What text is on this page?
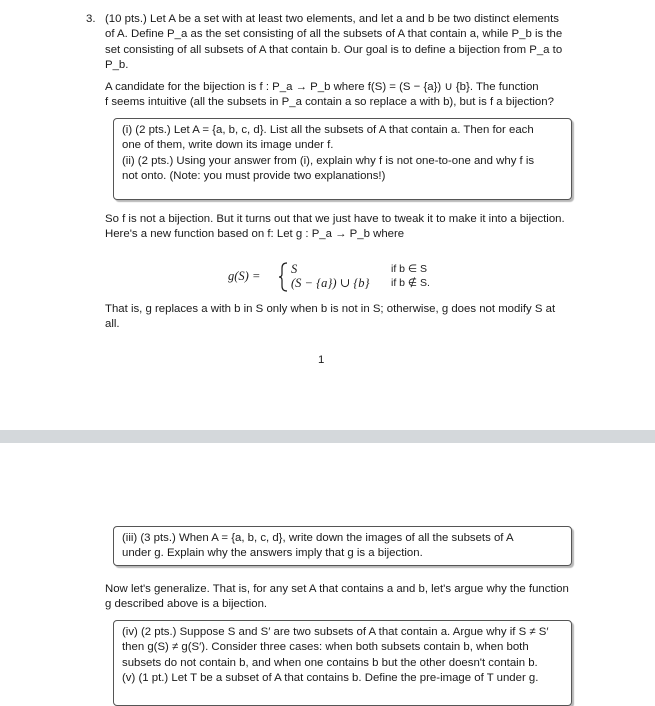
3. (10 pts.) Let A be a set with at least two elements, and let a and b be two distinct elements
of A. Define P_a as the set consisting of all the subsets of A that contain a, while P_b is the
set consisting of all subsets of A that contain b. Our goal is to define a bijection from P_a to
P_b.
A candidate for the bijection is f : P_a → P_b where f(S) = (S − {a}) ∪ {b}. The function
f seems intuitive (all the subsets in P_a contain a so replace a with b), but is f a bijection?

(i) (2 pts.) Let A = {a, b, c, d}. List all the subsets of A that contain a. Then for each

one of them, write down its image under f.

(ii) (2 pts.) Using your answer from (i), explain why f is not one-to-one and why f is

not onto. (Note: you must provide two explanations!)

So f is not a bijection. But it turns out that we just have to tweak it to make it into a bijection.
Here's a new function based on f: Let g : P_a → P_b where
g(S) = S	if b ∈ S
(S − {a}) ∪ {b} if b ∉ S.
That is, g replaces a with b in S only when b is not in S; otherwise, g does not modify S at
all.
1

(iii) (3 pts.) When A = {a, b, c, d}, write down the images of all the subsets of A

under g. Explain why the answers imply that g is a bijection.

Now let's generalize. That is, for any set A that contains a and b, let's argue why the function
g described above is a bijection.

(iv) (2 pts.) Suppose S and S′ are two subsets of A that contain a. Argue why if S ≠ S′

then g(S) ≠ g(S′). Consider three cases: when both subsets contain b, when both

subsets do not contain b, and when one contains b but the other doesn't contain b.

(v) (1 pt.) Let T be a subset of A that contains b. Define the pre-image of T under g.
